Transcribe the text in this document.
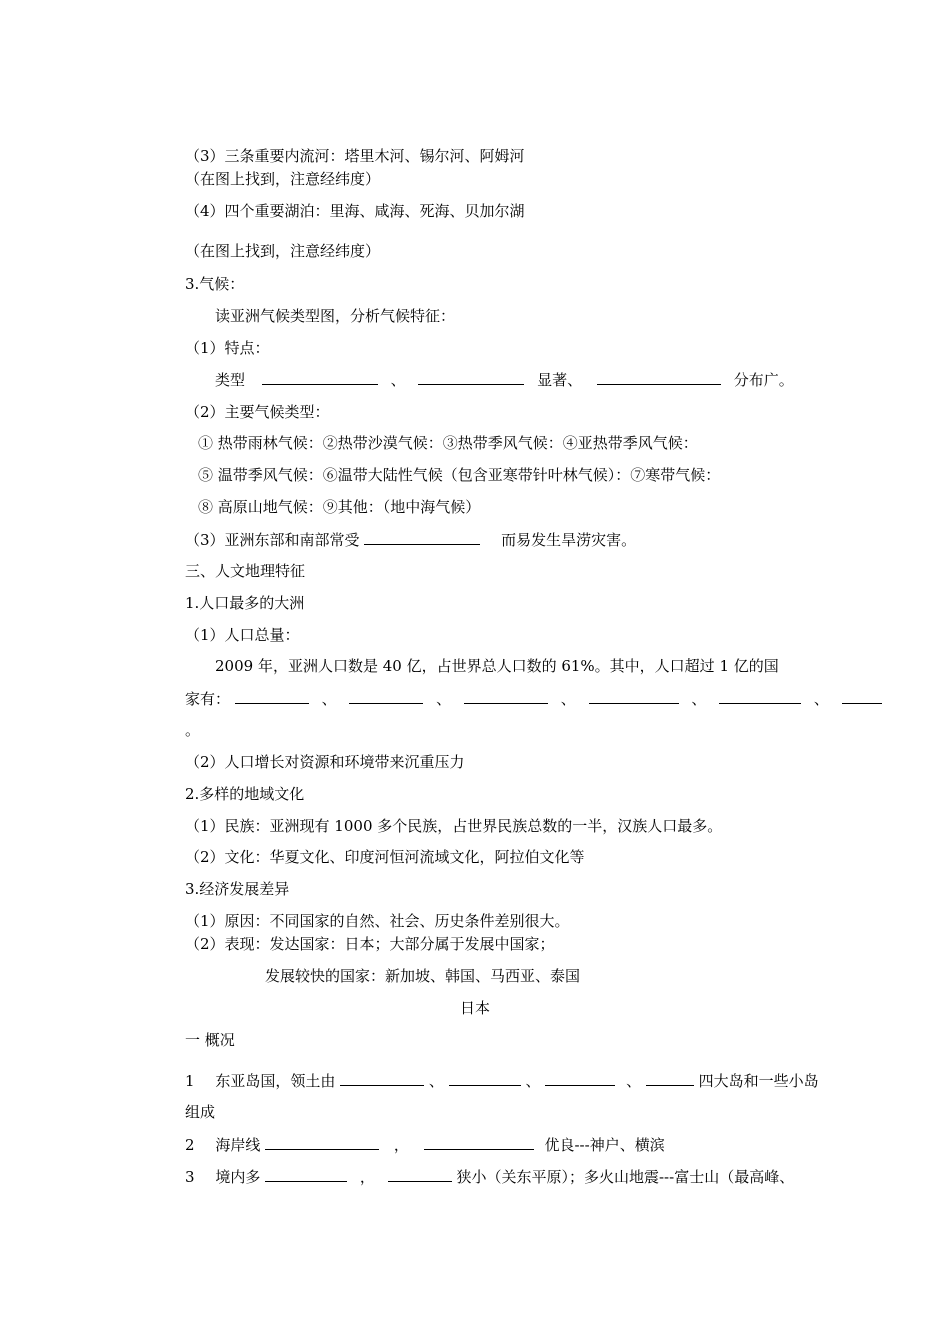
（3）三条重要内流河：塔里木河、锡尔河、阿姆河
（在图上找到，注意经纬度）
（4）四个重要湖泊：里海、咸海、死海、贝加尔湖
（在图上找到，注意经纬度）
3.气候：
读亚洲气候类型图，分析气候特征：
（1）特点：
类型	、	显著、	分布广。
（2）主要气候类型：
① 热带雨林气候：②热带沙漠气候：③热带季风气候：④亚热带季风气候：
⑤ 温带季风气候：⑥温带大陆性气候（包含亚寒带针叶林气候）：⑦寒带气候：
⑧ 高原山地气候：⑨其他：（地中海气候）
（3）亚洲东部和南部常受	而易发生旱涝灾害。
三、人文地理特征
1.人口最多的大洲
（1）人口总量：
2009 年，亚洲人口数是 40 亿，占世界总人口数的 61%。其中，人口超过 1 亿的国
家有：	、	、	、	、	、
。
（2）人口增长对资源和环境带来沉重压力
2.多样的地域文化
（1）民族：亚洲现有 1000 多个民族，占世界民族总数的一半，汉族人口最多。
（2）文化：华夏文化、印度河恒河流域文化，阿拉伯文化等
3.经济发展差异
（1）原因：不同国家的自然、社会、历史条件差别很大。
（2）表现：发达国家：日本；大部分属于发展中国家；
发展较快的国家：新加坡、韩国、马西亚、泰国
日本
一 概况
1 东亚岛国，领土由	、	、	、	四大岛和一些小岛
组成
2 海岸线	，	优良---神户、横滨
3 境内多	，	狭小（关东平原）；多火山地震---富士山（最高峰、
